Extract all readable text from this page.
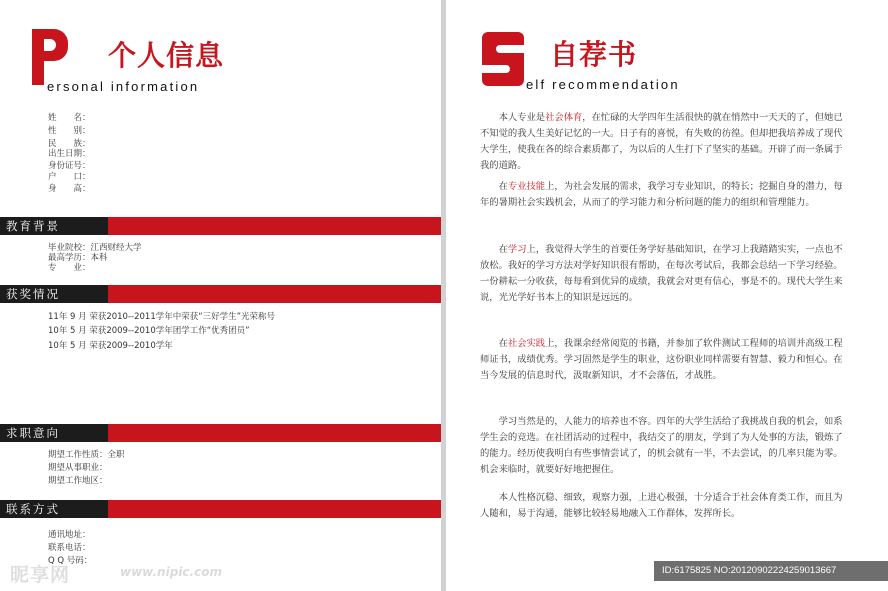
个人信息
ersonal information
姓　　名：
性　　别：
民　　族：
出生日期：
身份证号：
户　　口：
身　　高：
教育背景
毕业院校：江西财经大学
最高学历：本科
专　　业：
获奖情况
11年 9 月 荣获2010--2011学年中荣获“三好学生”光荣称号
10年 5 月 荣获2009--2010学年团学工作“优秀团员”
10年 5 月 荣获2009--2010学年
求职意向
期望工作性质：全职
期望从事职业：
期望工作地区：
联系方式
通讯地址：
联系电话：
Q Q 号码：
昵享网	www.nipic.com
自荐书
elf recommendation
本人专业是社会体育，在忙碌的大学四年生活很快的就在悄然中一天天的了，但她已不知觉的我人生美好记忆的一大。日子有的喜悦，有失败的彷徨。但却把我培养成了现代大学生，使我在各的综合素质都了，为以后的人生打下了坚实的基础。开辟了而一条属于我的道路。
在专业技能上，为社会发展的需求，我学习专业知识，的特长；挖掘自身的潜力，每年的暑期社会实践机会，从而了的学习能力和分析问题的能力的组织和管理能力。
在学习上，我觉得大学生的首要任务学好基础知识，在学习上我踏踏实实，一点也不放松。我好的学习方法对学好知识很有帮助，在每次考试后，我都会总结一下学习经验。一份耕耘一分收获，每每看到优异的成绩，我就会对更有信心，事是不的。现代大学生来说，光光学好书本上的知识是远远的。
在社会实践上，我课余经常阅览的书籍，并参加了软件测试工程师的培训并高级工程师证书，成绩优秀。学习固然是学生的职业，这份职业同样需要有智慧、毅力和恒心。在当今发展的信息时代，汲取新知识，才不会落伍，才战胜。
学习当然是的，人能力的培养也不容。四年的大学生活给了我挑战自我的机会，如系学生会的竞选。在社团活动的过程中，我结交了的朋友，学到了为人处事的方法，锻炼了的能力。经历使我明白有些事情尝试了，的机会就有一半，不去尝试，的几率只能为零。机会来临时，就要好好地把握住。
本人性格沉稳、细致，观察力强，上进心极强，十分适合于社会体育类工作，而且为人随和，易于沟通，能够比较轻易地融入工作群体，发挥所长。
ID:6175825 NO:20120902224259013667
